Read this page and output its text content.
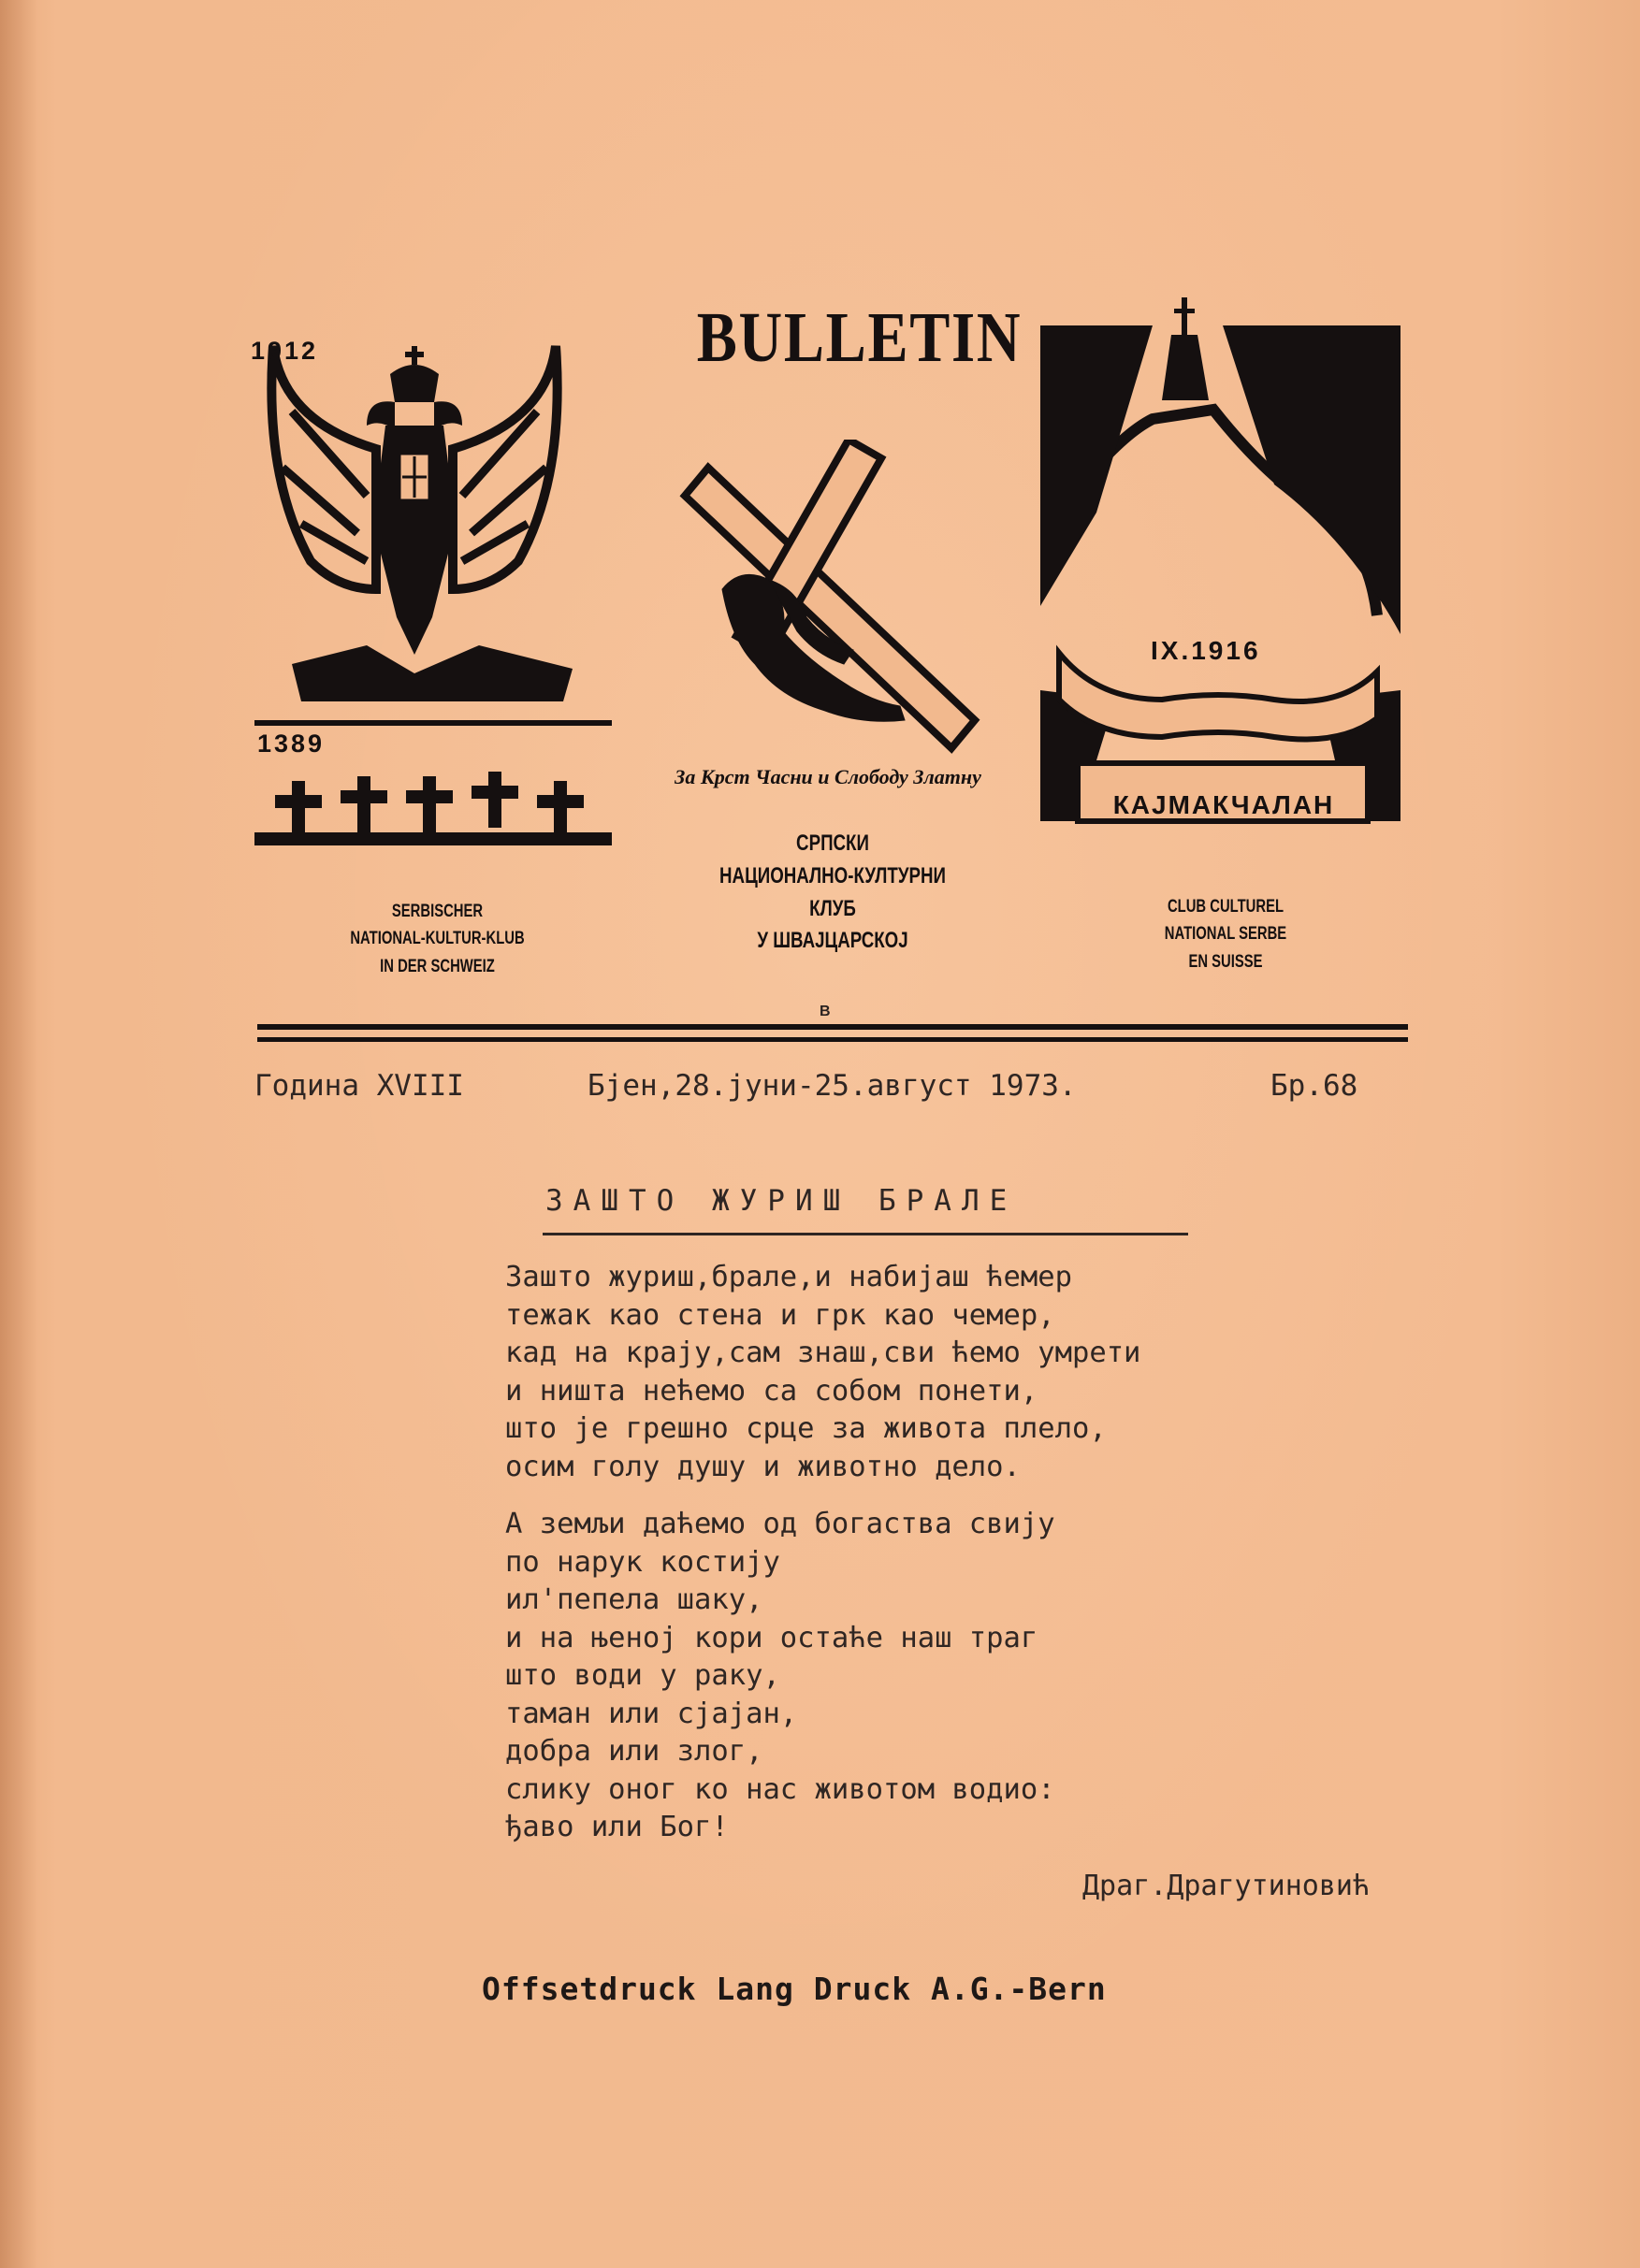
BULLETIN
1912
1389
За Крст Часни и Слободу Златну
IX.1916
КАЈМАКЧАЛАН
SERBISCHER
NATIONAL-KULTUR-KLUB
IN DER SCHWEIZ
СРПСКИ
НАЦИОНАЛНО-КУЛТУРНИ КЛУБ
У ШВАЈЦАРСКОЈ
CLUB CULTUREL
NATIONAL SERBE
EN SUISSE
B
Година XVIII	Бјен,28.јуни-25.август 1973.	Бр.68
ЗАШТО ЖУРИШ БРАЛЕ
Зашто журиш,брале,и набијаш ћемер
тежак као стена и грк као чемер,
кад на крају,сам знаш,сви ћемо умрети
и ништа нећемо са собом понети,
што је грешно срце за живота плело,
осим голу душу и животно дело.
А земљи даћемо од богаства свију
по нарук костију
ил'пепела шаку,
и на њеној кори остаће наш траг
што води у раку,
таман или сјајан,
добра или злог,
слику оног ко нас животом водио:
ђаво или Бог!
Драг.Драгутиновић
Offsetdruck Lang Druck A.G.-Bern
